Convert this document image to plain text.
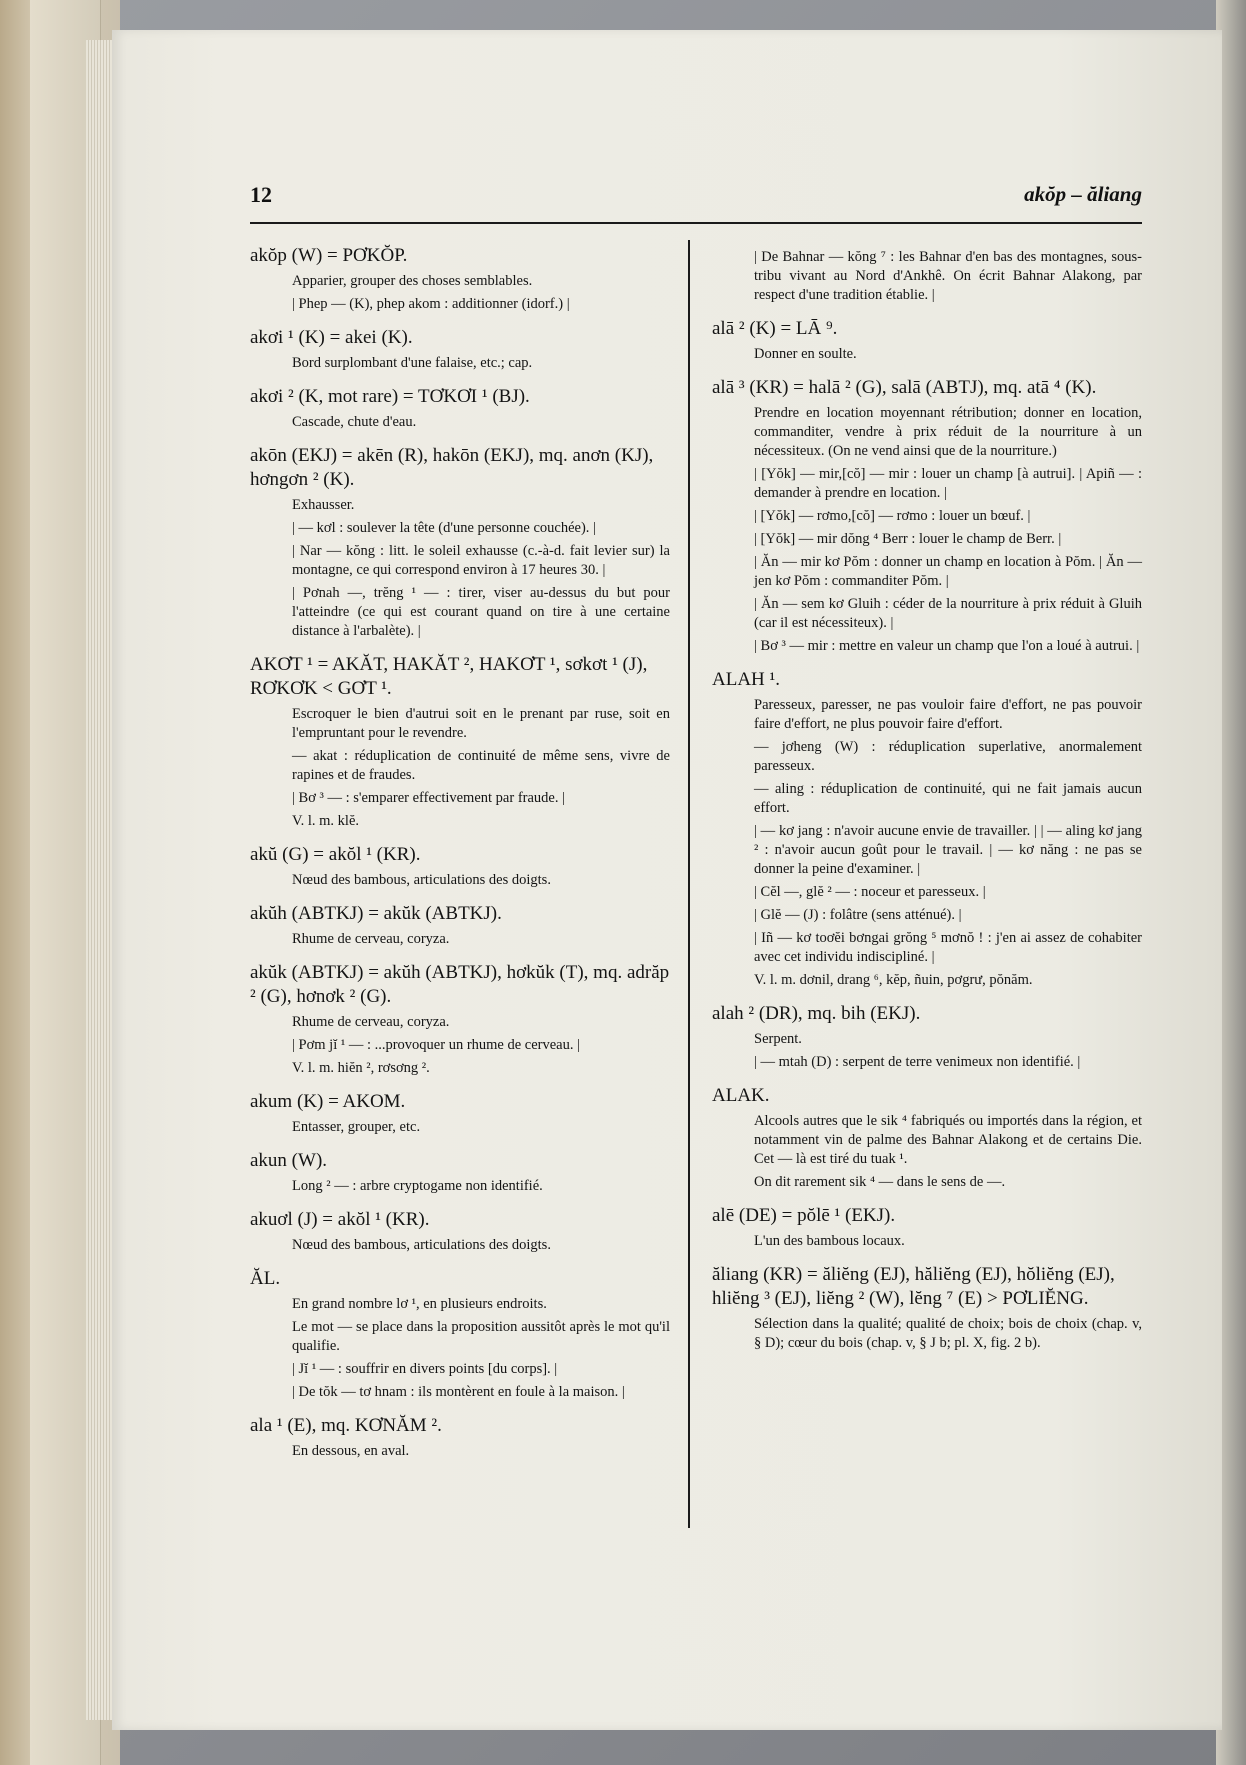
12	akŏp – ăliang
akŏp (W) = PƠKŎP.
Apparier, grouper des choses semblables.
| Phep — (K), phep akom : additionner (idorf.) |
akơi ¹ (K) = akei (K).
Bord surplombant d'une falaise, etc.; cap.
akơi ² (K, mot rare) = TƠKƠI ¹ (BJ).
Cascade, chute d'eau.
akōn (EKJ) = akēn (R), hakōn (EKJ), mq. anơn (KJ), hơngơn ² (K).
Exhausser.
| — kơl : soulever la tête (d'une personne couchée). |
| Nar — kŏng : litt. le soleil exhausse (c.-à-d. fait levier sur) la montagne, ce qui correspond environ à 17 heures 30. |
| Pơnah —, trĕng ¹ — : tirer, viser au-dessus du but pour l'atteindre (ce qui est courant quand on tire à une certaine distance à l'arbalète). |
AKƠT ¹ = AKĂT, HAKĂT ², HAKƠT ¹, sơkơt ¹ (J), RƠKƠK < GƠT ¹.
Escroquer le bien d'autrui soit en le prenant par ruse, soit en l'empruntant pour le revendre.
— akat : réduplication de continuité de même sens, vivre de rapines et de fraudes.
| Bơ ³ — : s'emparer effectivement par fraude. |
V. l. m. klĕ.
akŭ (G) = akŏl ¹ (KR).
Nœud des bambous, articulations des doigts.
akŭh (ABTKJ) = akŭk (ABTKJ).
Rhume de cerveau, coryza.
akŭk (ABTKJ) = akŭh (ABTKJ), hơkŭk (T), mq. adrăp ² (G), hơnơk ² (G).
Rhume de cerveau, coryza.
| Pơm jĭ ¹ — : ...provoquer un rhume de cerveau. |
V. l. m. hiĕn ², rơsơng ².
akum (K) = AKOM.
Entasser, grouper, etc.
akun (W).
Long ² — : arbre cryptogame non identifié.
akuơl (J) = akŏl ¹ (KR).
Nœud des bambous, articulations des doigts.
ĂL.
En grand nombre lơ ¹, en plusieurs endroits.
Le mot — se place dans la proposition aussitôt après le mot qu'il qualifie.
| Jĭ ¹ — : souffrir en divers points [du corps]. |
| De tŏk — tơ hnam : ils montèrent en foule à la maison. |
ala ¹ (E), mq. KƠNĂM ².
En dessous, en aval.
| De Bahnar — kŏng ⁷ : les Bahnar d'en bas des montagnes, sous-tribu vivant au Nord d'Ankhê. On écrit Bahnar Alakong, par respect d'une tradition établie. |
alā ² (K) = LĀ ⁹.
Donner en soulte.
alā ³ (KR) = halā ² (G), salā (ABTJ), mq. atā ⁴ (K).
Prendre en location moyennant rétribution; donner en location, commanditer, vendre à prix réduit de la nourriture à un nécessiteux. (On ne vend ainsi que de la nourriture.)
| [Yŏk] — mir,[cŏ] — mir : louer un champ [à autrui]. | Apiñ — : demander à prendre en location. |
| [Yŏk] — rơmo,[cŏ] — rơmo : louer un bœuf. |
| [Yŏk] — mir dŏng ⁴ Berr : louer le champ de Berr. |
| Ăn — mir kơ Pŏm : donner un champ en location à Pŏm. | Ăn — jen kơ Pŏm : commanditer Pŏm. |
| Ăn — sem kơ Gluih : céder de la nourriture à prix réduit à Gluih (car il est nécessiteux). |
| Bơ ³ — mir : mettre en valeur un champ que l'on a loué à autrui. |
ALAH ¹.
Paresseux, paresser, ne pas vouloir faire d'effort, ne pas pouvoir faire d'effort, ne plus pouvoir faire d'effort.
— jơheng (W) : réduplication superlative, anormalement paresseux.
— aling : réduplication de continuité, qui ne fait jamais aucun effort.
| — kơ jang : n'avoir aucune envie de travailler. | | — aling kơ jang ² : n'avoir aucun goût pour le travail. | — kơ năng : ne pas se donner la peine d'examiner. |
| Cĕl —, glĕ ² — : noceur et paresseux. |
| Glĕ — (J) : folâtre (sens atténué). |
| Iñ — kơ toơĕi bơngai grŏng ⁵ mơnŏ ! : j'en ai assez de cohabiter avec cet individu indiscipliné. |
V. l. m. dơnil, drang ⁶, kĕp, ñuin, pơgrư, pŏnăm.
alah ² (DR), mq. bih (EKJ).
Serpent.
| — mtah (D) : serpent de terre venimeux non identifié. |
ALAK.
Alcools autres que le sik ⁴ fabriqués ou importés dans la région, et notamment vin de palme des Bahnar Alakong et de certains Die. Cet — là est tiré du tuak ¹.
On dit rarement sik ⁴ — dans le sens de —.
alē (DE) = pŏlē ¹ (EKJ).
L'un des bambous locaux.
ăliang (KR) = ăliĕng (EJ), hăliĕng (EJ), hŏliĕng (EJ), hliĕng ³ (EJ), liĕng ² (W), lĕng ⁷ (E) > PƠLIĔNG.
Sélection dans la qualité; qualité de choix; bois de choix (chap. v, § D); cœur du bois (chap. v, § J b; pl. X, fig. 2 b).
